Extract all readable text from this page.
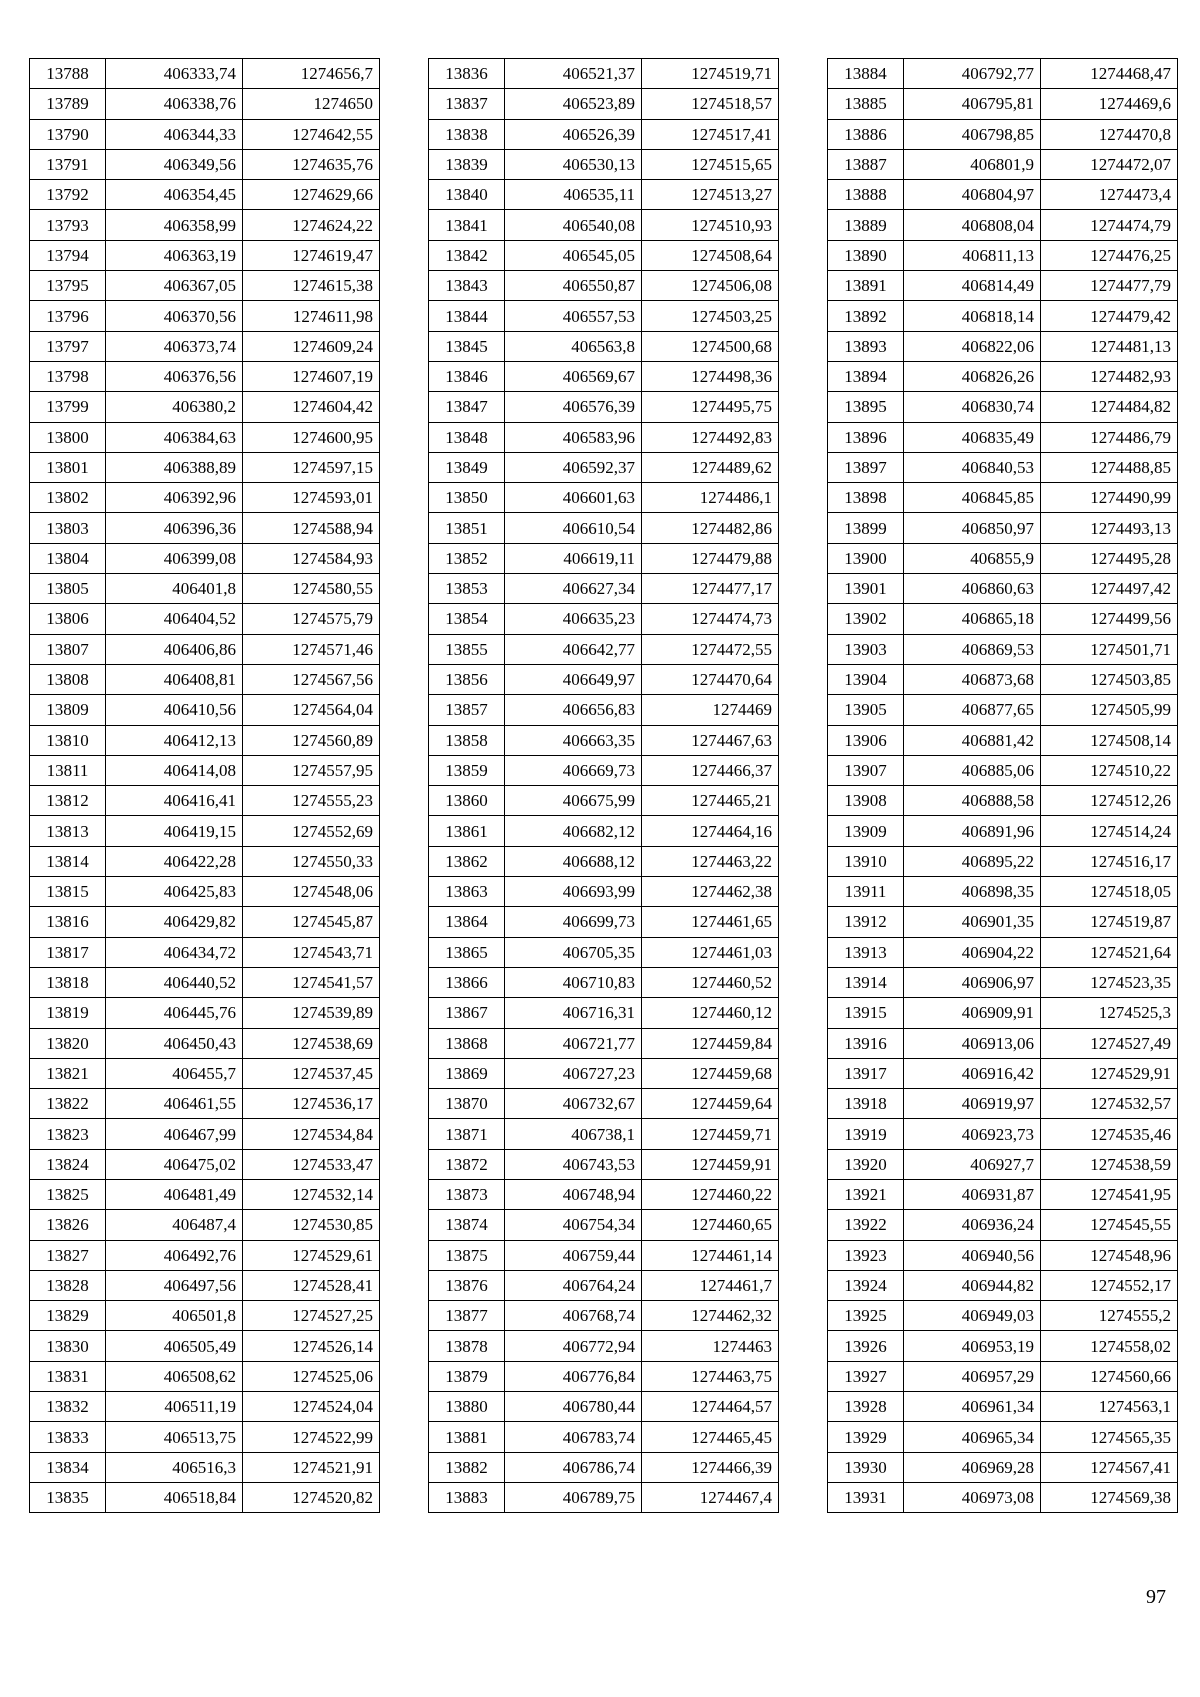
13788	406333,74	1274656,7
13789	406338,76	1274650
13790	406344,33	1274642,55
13791	406349,56	1274635,76
13792	406354,45	1274629,66
13793	406358,99	1274624,22
13794	406363,19	1274619,47
13795	406367,05	1274615,38
13796	406370,56	1274611,98
13797	406373,74	1274609,24
13798	406376,56	1274607,19
13799	406380,2	1274604,42
13800	406384,63	1274600,95
13801	406388,89	1274597,15
13802	406392,96	1274593,01
13803	406396,36	1274588,94
13804	406399,08	1274584,93
13805	406401,8	1274580,55
13806	406404,52	1274575,79
13807	406406,86	1274571,46
13808	406408,81	1274567,56
13809	406410,56	1274564,04
13810	406412,13	1274560,89
13811	406414,08	1274557,95
13812	406416,41	1274555,23
13813	406419,15	1274552,69
13814	406422,28	1274550,33
13815	406425,83	1274548,06
13816	406429,82	1274545,87
13817	406434,72	1274543,71
13818	406440,52	1274541,57
13819	406445,76	1274539,89
13820	406450,43	1274538,69
13821	406455,7	1274537,45
13822	406461,55	1274536,17
13823	406467,99	1274534,84
13824	406475,02	1274533,47
13825	406481,49	1274532,14
13826	406487,4	1274530,85
13827	406492,76	1274529,61
13828	406497,56	1274528,41
13829	406501,8	1274527,25
13830	406505,49	1274526,14
13831	406508,62	1274525,06
13832	406511,19	1274524,04
13833	406513,75	1274522,99
13834	406516,3	1274521,91
13835	406518,84	1274520,82
13836	406521,37	1274519,71
13837	406523,89	1274518,57
13838	406526,39	1274517,41
13839	406530,13	1274515,65
13840	406535,11	1274513,27
13841	406540,08	1274510,93
13842	406545,05	1274508,64
13843	406550,87	1274506,08
13844	406557,53	1274503,25
13845	406563,8	1274500,68
13846	406569,67	1274498,36
13847	406576,39	1274495,75
13848	406583,96	1274492,83
13849	406592,37	1274489,62
13850	406601,63	1274486,1
13851	406610,54	1274482,86
13852	406619,11	1274479,88
13853	406627,34	1274477,17
13854	406635,23	1274474,73
13855	406642,77	1274472,55
13856	406649,97	1274470,64
13857	406656,83	1274469
13858	406663,35	1274467,63
13859	406669,73	1274466,37
13860	406675,99	1274465,21
13861	406682,12	1274464,16
13862	406688,12	1274463,22
13863	406693,99	1274462,38
13864	406699,73	1274461,65
13865	406705,35	1274461,03
13866	406710,83	1274460,52
13867	406716,31	1274460,12
13868	406721,77	1274459,84
13869	406727,23	1274459,68
13870	406732,67	1274459,64
13871	406738,1	1274459,71
13872	406743,53	1274459,91
13873	406748,94	1274460,22
13874	406754,34	1274460,65
13875	406759,44	1274461,14
13876	406764,24	1274461,7
13877	406768,74	1274462,32
13878	406772,94	1274463
13879	406776,84	1274463,75
13880	406780,44	1274464,57
13881	406783,74	1274465,45
13882	406786,74	1274466,39
13883	406789,75	1274467,4
13884	406792,77	1274468,47
13885	406795,81	1274469,6
13886	406798,85	1274470,8
13887	406801,9	1274472,07
13888	406804,97	1274473,4
13889	406808,04	1274474,79
13890	406811,13	1274476,25
13891	406814,49	1274477,79
13892	406818,14	1274479,42
13893	406822,06	1274481,13
13894	406826,26	1274482,93
13895	406830,74	1274484,82
13896	406835,49	1274486,79
13897	406840,53	1274488,85
13898	406845,85	1274490,99
13899	406850,97	1274493,13
13900	406855,9	1274495,28
13901	406860,63	1274497,42
13902	406865,18	1274499,56
13903	406869,53	1274501,71
13904	406873,68	1274503,85
13905	406877,65	1274505,99
13906	406881,42	1274508,14
13907	406885,06	1274510,22
13908	406888,58	1274512,26
13909	406891,96	1274514,24
13910	406895,22	1274516,17
13911	406898,35	1274518,05
13912	406901,35	1274519,87
13913	406904,22	1274521,64
13914	406906,97	1274523,35
13915	406909,91	1274525,3
13916	406913,06	1274527,49
13917	406916,42	1274529,91
13918	406919,97	1274532,57
13919	406923,73	1274535,46
13920	406927,7	1274538,59
13921	406931,87	1274541,95
13922	406936,24	1274545,55
13923	406940,56	1274548,96
13924	406944,82	1274552,17
13925	406949,03	1274555,2
13926	406953,19	1274558,02
13927	406957,29	1274560,66
13928	406961,34	1274563,1
13929	406965,34	1274565,35
13930	406969,28	1274567,41
13931	406973,08	1274569,38
97
